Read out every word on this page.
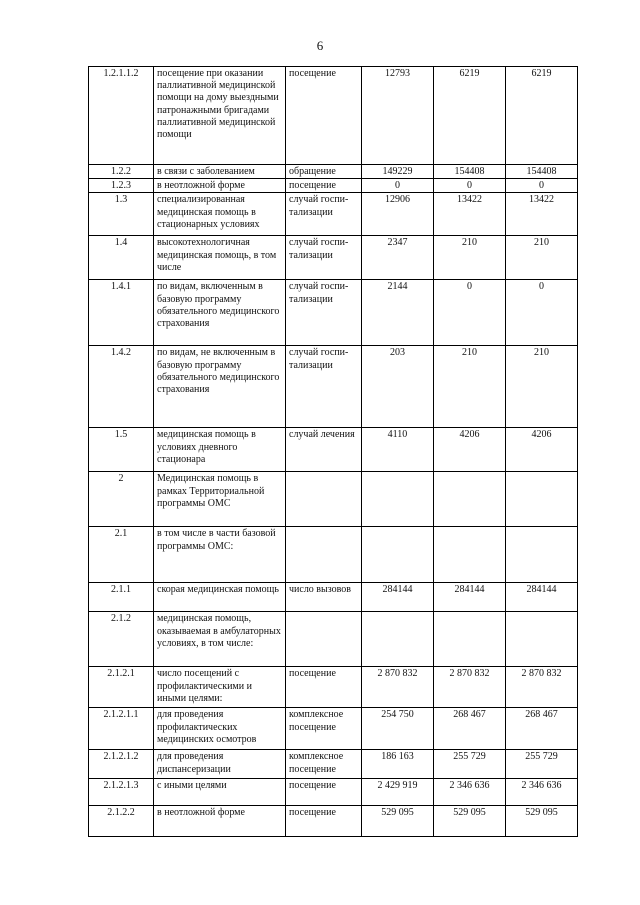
6
1.2.1.1.2	посещение при оказании паллиативной медицинской помощи на дому выездными патронажными бригадами паллиативной медицинской помощи	посещение	12793	6219	6219
1.2.2	в связи с заболеванием	обращение	149229	154408	154408
1.2.3	в неотложной форме	посещение	0	0	0
1.3	специализированная медицинская помощь в стационарных условиях	случай госпи-тализации	12906	13422	13422
1.4	высокотехнологичная медицинская помощь, в том числе	случай госпи-тализации	2347	210	210
1.4.1	по видам, включенным в базовую программу обязательного медицинского страхования	случай госпи-тализации	2144	0	0
1.4.2	по видам, не включенным в базовую программу обязательного медицинского страхования	случай госпи-тализации	203	210	210
1.5	медицинская помощь в условиях дневного стационара	случай лечения	4110	4206	4206
2	Медицинская помощь в рамках Территориальной программы ОМС				
2.1	в том числе в части базовой программы ОМС:				
2.1.1	скорая медицинская помощь	число вызовов	284144	284144	284144
2.1.2	медицинская помощь, оказываемая в амбулаторных условиях, в том числе:				
2.1.2.1	число посещений с профилактическими и иными целями:	посещение	2 870 832	2 870 832	2 870 832
2.1.2.1.1	для проведения профилактических медицинских осмотров	комплексное посещение	254 750	268 467	268 467
2.1.2.1.2	для проведения диспансеризации	комплексное посещение	186 163	255 729	255 729
2.1.2.1.3	с иными целями	посещение	2 429 919	2 346 636	2 346 636
2.1.2.2	в неотложной форме	посещение	529 095	529 095	529 095
